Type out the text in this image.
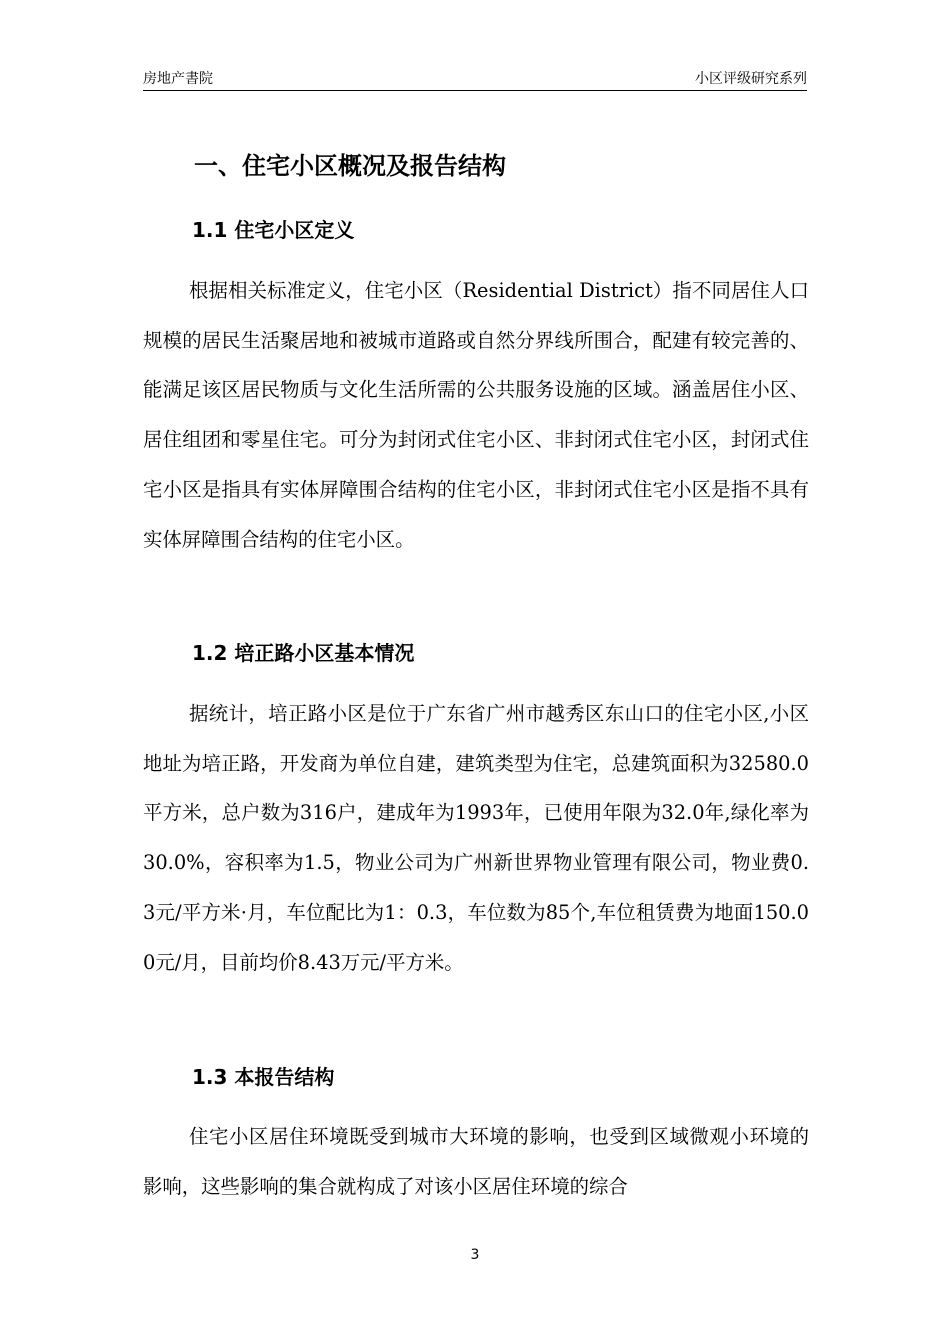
房地产書院	小区评级研究系列
一、住宅小区概况及报告结构
1.1 住宅小区定义

根据相关标准定义，住宅小区（Residential District）指不同居住人口规模的居民生活聚居地和被城市道路或自然分界线所围合，配建有较完善的、能满足该区居民物质与文化生活所需的公共服务设施的区域。涵盖居住小区、居住组团和零星住宅。可分为封闭式住宅小区、非封闭式住宅小区，封闭式住宅小区是指具有实体屏障围合结构的住宅小区，非封闭式住宅小区是指不具有实体屏障围合结构的住宅小区。

1.2 培正路小区基本情况

据统计，培正路小区是位于广东省广州市越秀区东山口的住宅小区,小区地址为培正路，开发商为单位自建，建筑类型为住宅，总建筑面积为32580.0平方米，总户数为316户，建成年为1993年，已使用年限为32.0年,绿化率为30.0%，容积率为1.5，物业公司为广州新世界物业管理有限公司，物业费0.3元/平方米·月，车位配比为1：0.3，车位数为85个,车位租赁费为地面150.00元/月，目前均价8.43万元/平方米。

1.3 本报告结构

住宅小区居住环境既受到城市大环境的影响，也受到区域微观小环境的影响，这些影响的集合就构成了对该小区居住环境的综合

3
